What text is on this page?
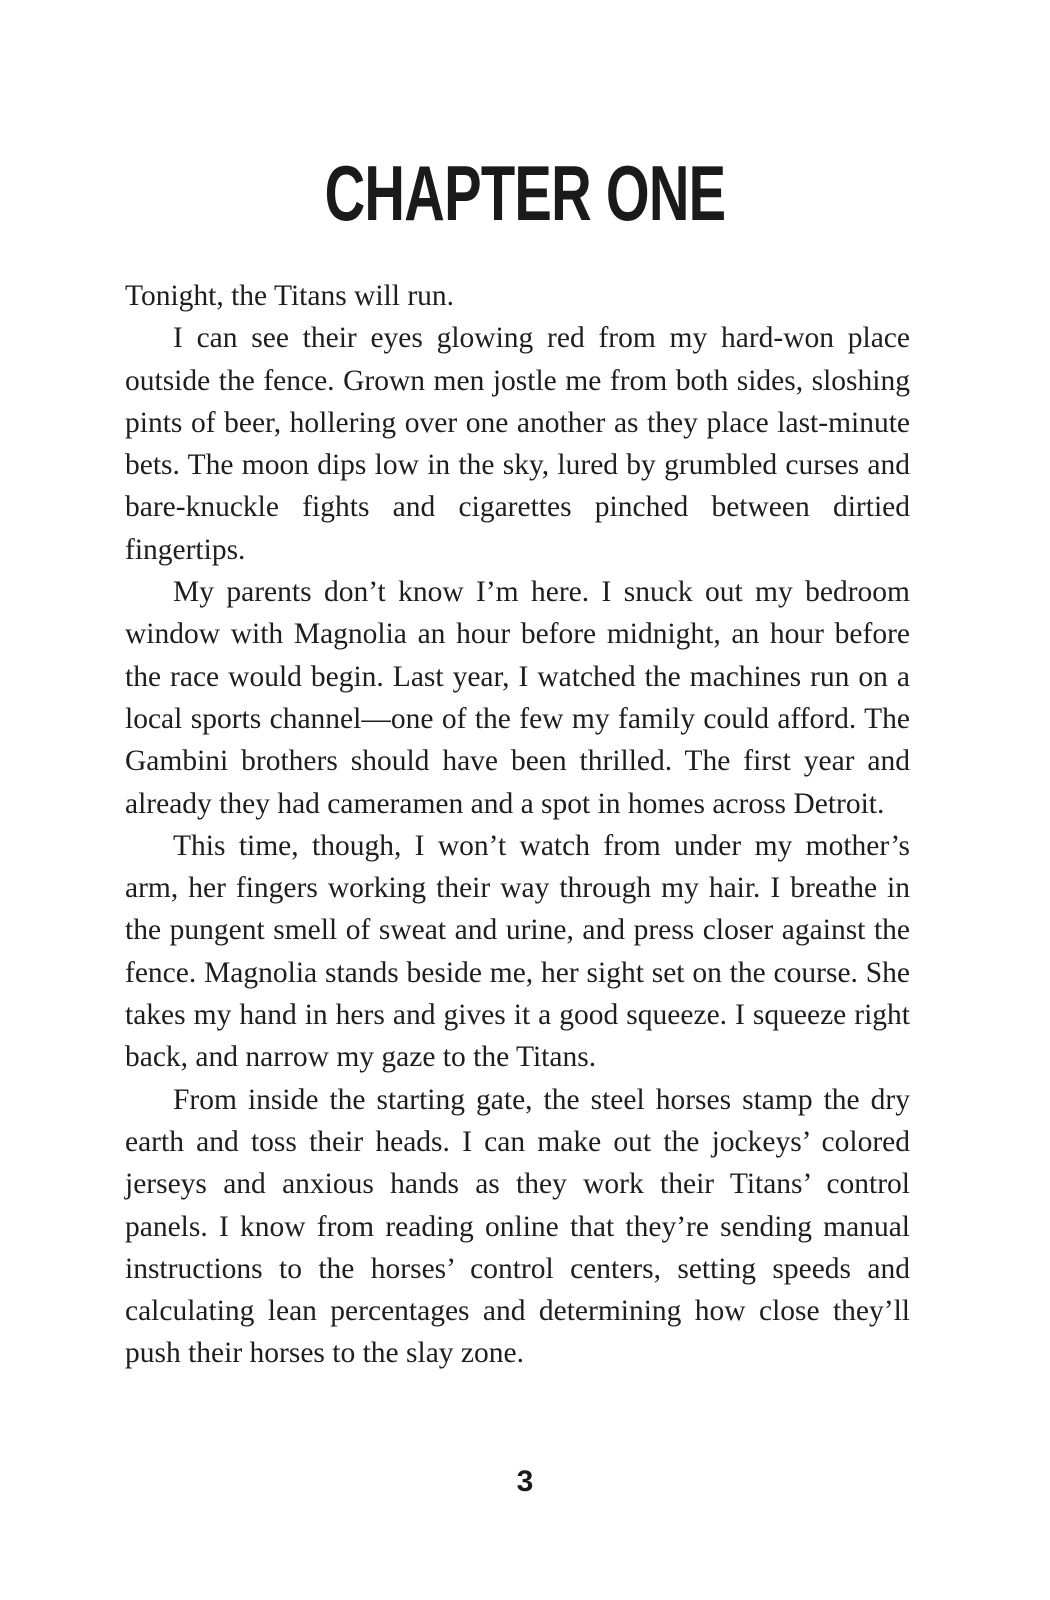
CHAPTER ONE

Tonight, the Titans will run.

I can see their eyes glowing red from my hard-won place outside the fence. Grown men jostle me from both sides, sloshing pints of beer, hollering over one another as they place last-minute bets. The moon dips low in the sky, lured by grumbled curses and bare-knuckle fights and cigarettes pinched between dirtied fingertips.

My parents don’t know I’m here. I snuck out my bedroom window with Magnolia an hour before midnight, an hour before the race would begin. Last year, I watched the machines run on a local sports channel—one of the few my family could afford. The Gambini brothers should have been thrilled. The first year and already they had cameramen and a spot in homes across Detroit.

This time, though, I won’t watch from under my mother’s arm, her fingers working their way through my hair. I breathe in the pungent smell of sweat and urine, and press closer against the fence. Magnolia stands beside me, her sight set on the course. She takes my hand in hers and gives it a good squeeze. I squeeze right back, and narrow my gaze to the Titans.

From inside the starting gate, the steel horses stamp the dry earth and toss their heads. I can make out the jockeys’ colored jerseys and anxious hands as they work their Titans’ control panels. I know from reading online that they’re sending manual instructions to the horses’ control centers, setting speeds and calculating lean percentages and determining how close they’ll push their horses to the slay zone.

3
